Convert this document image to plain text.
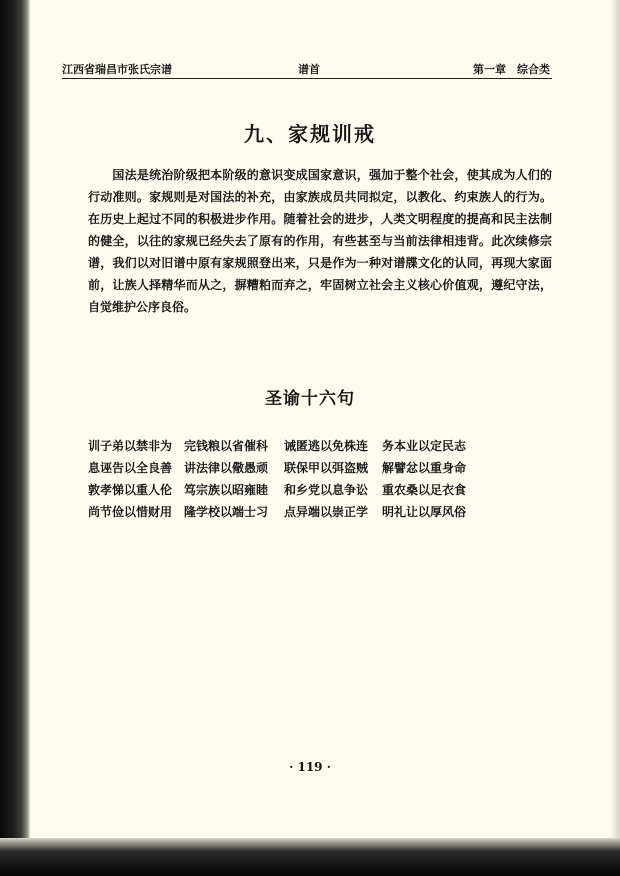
江西省瑞昌市张氏宗谱	谱首	第一章　综合类
九、家规训戒
　　国法是统治阶级把本阶级的意识变成国家意识，强加于整个社会，使其成为人们的
行动准则。家规则是对国法的补充，由家族成员共同拟定，以教化、约束族人的行为。
在历史上起过不同的积极进步作用。随着社会的进步，人类文明程度的提高和民主法制
的健全，以往的家规已经失去了原有的作用，有些甚至与当前法律相违背。此次续修宗
谱，我们以对旧谱中原有家规照登出来，只是作为一种对谱牒文化的认同，再现大家面
前，让族人择精华而从之，摒糟粕而弃之，牢固树立社会主义核心价值观，遵纪守法，
自觉维护公序良俗。
圣谕十六句
训子弟以禁非为 完钱粮以省催科	诫匿逃以免株连	务本业以定民志
息诬告以全良善 讲法律以儆愚顽	联保甲以弭盗贼	解譬忿以重身命
敦孝悌以重人伦 笃宗族以昭雍睦	和乡党以息争讼	重农桑以足衣食
尚节俭以惜财用 隆学校以端士习	点异端以崇正学	明礼让以厚风俗
· 119 ·
